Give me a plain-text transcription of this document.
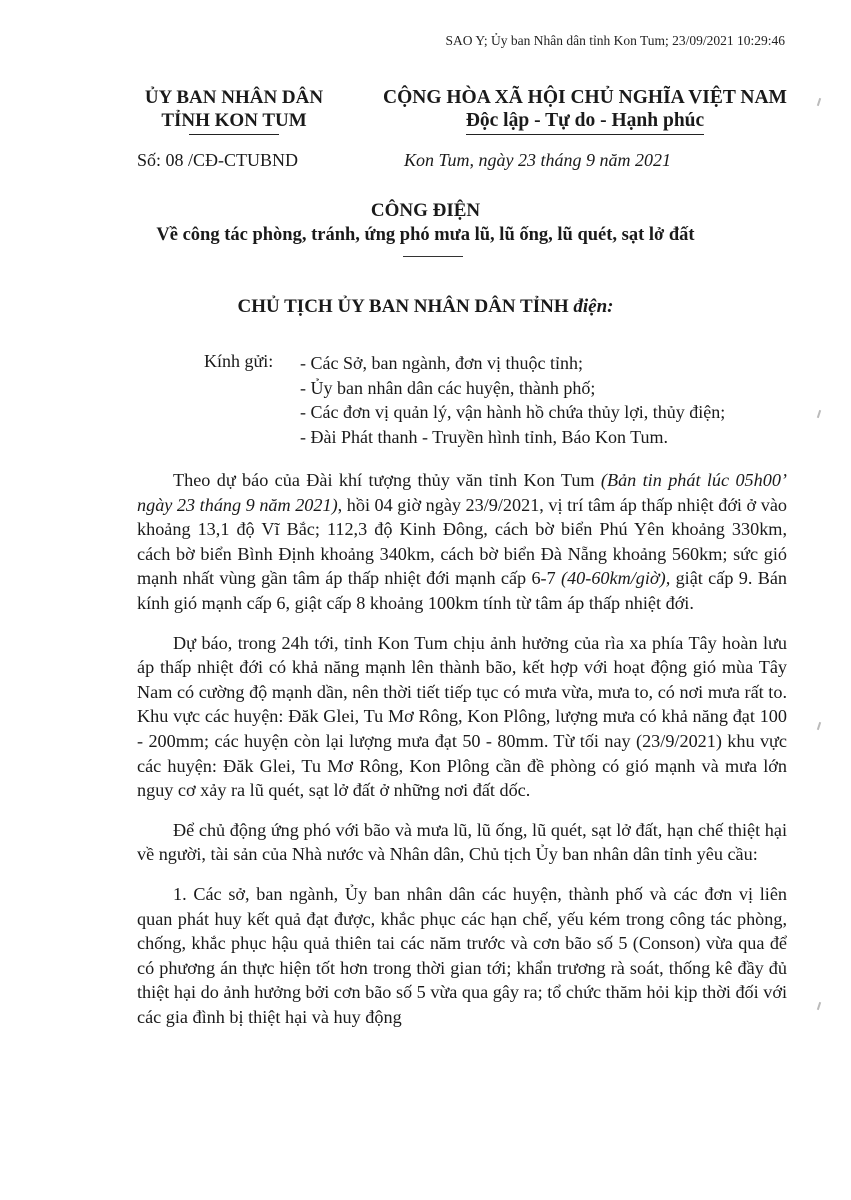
SAO Y; Ủy ban Nhân dân tỉnh Kon Tum; 23/09/2021 10:29:46
ỦY BAN NHÂN DÂN
TỈNH KON TUM
CỘNG HÒA XÃ HỘI CHỦ NGHĨA VIỆT NAM
Độc lập - Tự do - Hạnh phúc
Số: 08 /CĐ-CTUBND	Kon Tum, ngày 23 tháng 9 năm 2021
CÔNG ĐIỆN
Về công tác phòng, tránh, ứng phó mưa lũ, lũ ống, lũ quét, sạt lở đất
CHỦ TỊCH ỦY BAN NHÂN DÂN TỈNH điện:
Kính gửi: - Các Sở, ban ngành, đơn vị thuộc tỉnh;
- Ủy ban nhân dân các huyện, thành phố;
- Các đơn vị quản lý, vận hành hồ chứa thủy lợi, thủy điện;
- Đài Phát thanh - Truyền hình tỉnh, Báo Kon Tum.

Theo dự báo của Đài khí tượng thủy văn tỉnh Kon Tum (Bản tin phát lúc 05h00’ ngày 23 tháng 9 năm 2021), hồi 04 giờ ngày 23/9/2021, vị trí tâm áp thấp nhiệt đới ở vào khoảng 13,1 độ Vĩ Bắc; 112,3 độ Kinh Đông, cách bờ biển Phú Yên khoảng 330km, cách bờ biển Bình Định khoảng 340km, cách bờ biển Đà Nẵng khoảng 560km; sức gió mạnh nhất vùng gần tâm áp thấp nhiệt đới mạnh cấp 6-7 (40-60km/giờ), giật cấp 9. Bán kính gió mạnh cấp 6, giật cấp 8 khoảng 100km tính từ tâm áp thấp nhiệt đới.

Dự báo, trong 24h tới, tỉnh Kon Tum chịu ảnh hưởng của rìa xa phía Tây hoàn lưu áp thấp nhiệt đới có khả năng mạnh lên thành bão, kết hợp với hoạt động gió mùa Tây Nam có cường độ mạnh dần, nên thời tiết tiếp tục có mưa vừa, mưa to, có nơi mưa rất to. Khu vực các huyện: Đăk Glei, Tu Mơ Rông, Kon Plông, lượng mưa có khả năng đạt 100 - 200mm; các huyện còn lại lượng mưa đạt 50 - 80mm. Từ tối nay (23/9/2021) khu vực các huyện: Đăk Glei, Tu Mơ Rông, Kon Plông cần đề phòng có gió mạnh và mưa lớn nguy cơ xảy ra lũ quét, sạt lở đất ở những nơi đất dốc.

Để chủ động ứng phó với bão và mưa lũ, lũ ống, lũ quét, sạt lở đất, hạn chế thiệt hại về người, tài sản của Nhà nước và Nhân dân, Chủ tịch Ủy ban nhân dân tỉnh yêu cầu:

1. Các sở, ban ngành, Ủy ban nhân dân các huyện, thành phố và các đơn vị liên quan phát huy kết quả đạt được, khắc phục các hạn chế, yếu kém trong công tác phòng, chống, khắc phục hậu quả thiên tai các năm trước và cơn bão số 5 (Conson) vừa qua để có phương án thực hiện tốt hơn trong thời gian tới; khẩn trương rà soát, thống kê đầy đủ thiệt hại do ảnh hưởng bởi cơn bão số 5 vừa qua gây ra; tổ chức thăm hỏi kịp thời đối với các gia đình bị thiệt hại và huy động
